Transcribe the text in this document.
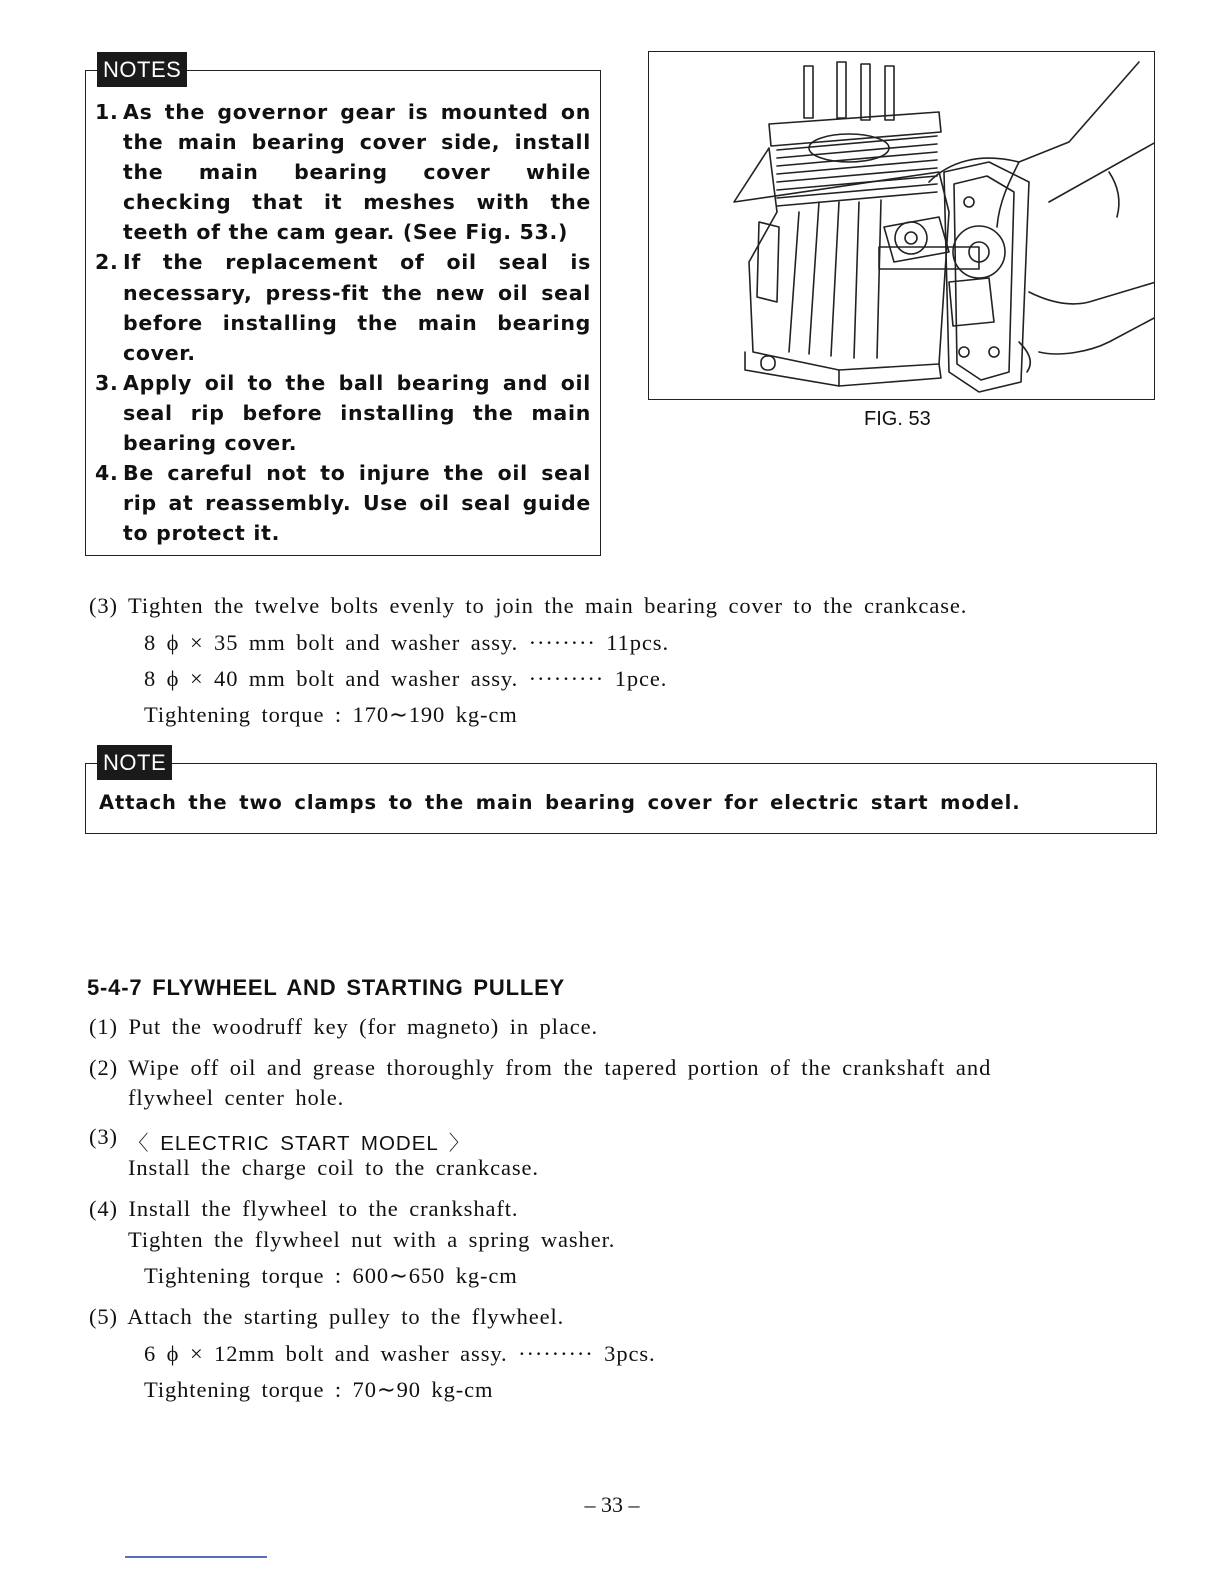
NOTES
1. As the governor gear is mounted on the main bearing cover side, install the main bearing cover while checking that it meshes with the teeth of the cam gear. (See Fig. 53.)
2. If the replacement of oil seal is necessary, press-fit the new oil seal before installing the main bearing cover.
3. Apply oil to the ball bearing and oil seal rip before installing the main bearing cover.
4. Be careful not to injure the oil seal rip at reassembly. Use oil seal guide to protect it.
FIG. 53
(3) Tighten the twelve bolts evenly to join the main bearing cover to the crankcase.
8 ϕ × 35 mm bolt and washer assy. ········ 11pcs.
8 ϕ × 40 mm bolt and washer assy. ········· 1pce.
Tightening torque : 170∼190 kg-cm
NOTE
Attach the two clamps to the main bearing cover for electric start model.
5-4-7 FLYWHEEL AND STARTING PULLEY
(1) Put the woodruff key (for magneto) in place.
(2) Wipe off oil and grease thoroughly from the tapered portion of the crankshaft and
flywheel center hole.
(3) 〈 ELECTRIC START MODEL 〉
Install the charge coil to the crankcase.
(4) Install the flywheel to the crankshaft.
Tighten the flywheel nut with a spring washer.
Tightening torque : 600∼650 kg-cm
(5) Attach the starting pulley to the flywheel.
6 ϕ × 12mm bolt and washer assy. ········· 3pcs.
Tightening torque : 70∼90 kg-cm
– 33 –
